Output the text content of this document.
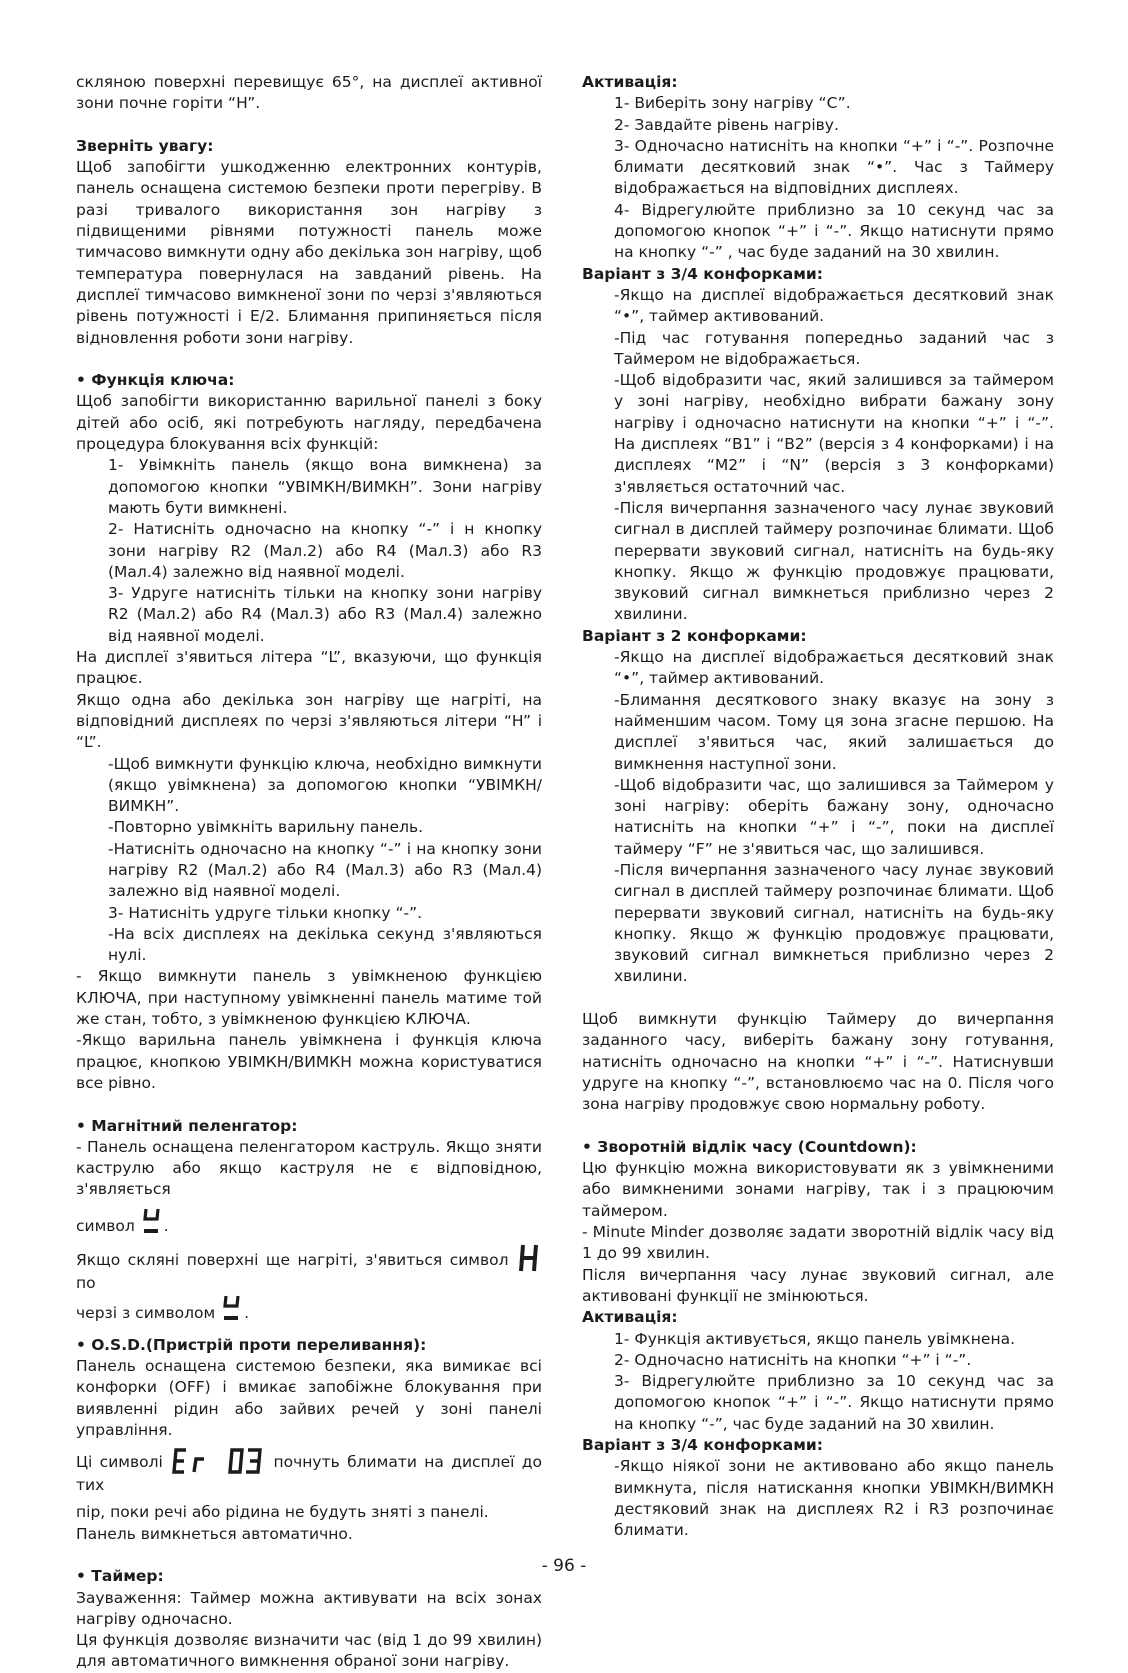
скляною поверхні перевищує 65°, на дисплеї активної зони почне горіти “H”.

Зверніть увагу:

Щоб запобігти ушкодженню електронних контурів, панель оснащена системою безпеки проти перегріву. В разі тривалого використання зон нагріву з підвищеними рівнями потужності панель може тимчасово вимкнути одну або декілька зон нагріву, щоб температура повернулася на завданий рівень. На дисплеї тимчасово вимкненої зони по черзі з'являються рівень потужності і E/2. Блимання припиняється після відновлення роботи зони нагріву.

• Функція ключа:

Щоб запобігти використанню варильної панелі з боку дітей або осіб, які потребують нагляду, передбачена процедура блокування всіх функцій:

1- Увімкніть панель (якщо вона вимкнена) за допомогою кнопки “УВІМКН/ВИМКН”. Зони нагріву мають бути вимкнені.

2- Натисніть одночасно на кнопку “-” і н кнопку зони нагріву R2 (Мал.2) або R4 (Мал.3) або R3 (Мал.4) залежно від наявної моделі.

3- Удруге натисніть тільки на кнопку зони нагріву R2 (Мал.2) або R4 (Мал.3) або R3 (Мал.4) залежно від наявної моделі.

На дисплеї з'явиться літера “L”, вказуючи, що функція працює.

Якщо одна або декілька зон нагріву ще нагріті, на відповідний дисплеях по черзі з'являються літери “H” і “L”.

-Щоб вимкнути функцію ключа, необхідно вимкнути (якщо увімкнена) за допомогою кнопки “УВІМКН/ ВИМКН”.

-Повторно увімкніть варильну панель.

-Натисніть одночасно на кнопку “-” і на кнопку зони нагріву R2 (Мал.2) або R4 (Мал.3) або R3 (Мал.4) залежно від наявної моделі.

3- Натисніть удруге тільки кнопку “-”.

-На всіх дисплеях на декілька секунд з'являються нулі.

- Якщо вимкнути панель з увімкненою функцією КЛЮЧА, при наступному увімкненні панель матиме той же стан, тобто, з увімкненою функцією КЛЮЧА.

-Якщо варильна панель увімкнена і функція ключа працює, кнопкою УВІМКН/ВИМКН можна користуватися все рівно.

• Магнітний пеленгатор:

- Панель оснащена пеленгатором каструль. Якщо зняти каструлю або якщо каструля не є відповідною, з'являється

символ .

Якщо скляні поверхні ще нагріті, з'явиться символ  по

черзі з символом .

• O.S.D.(Пристрій проти переливання):

Панель оснащена системою безпеки, яка вимикає всі конфорки (OFF) і вмикає запобіжне блокування при виявленні рідин або зайвих речей у зоні панелі управління.

Ці символі	почнуть блимати на дисплеї до тих

пір, поки речі або рідина не будуть зняті з панелі.

Панель вимкнеться автоматично.

• Таймер:

Зауваження: Таймер можна активувати на всіх зонах нагріву одночасно.

Ця функція дозволяє визначити час (від 1 до 99 хвилин) для автоматичного вимкнення обраної зони нагріву.

Активація:

1- Виберіть зону нагріву “C”.

2- Завдайте рівень нагріву.

3- Одночасно натисніть на кнопки “+” і “-”. Розпочне блимати десятковий знак “•”. Час з Таймеру відображається на відповідних дисплеях.

4- Відрегулюйте приблизно за 10 секунд час за допомогою кнопок “+” і “-”. Якщо натиснути прямо на кнопку “-” , час буде заданий на 30 хвилин.

Варіант з 3/4 конфорками:

-Якщо на дисплеї відображається десятковий знак “•”, таймер активований.

-Під час готування попередньо заданий час з Таймером не відображається.

-Щоб відобразити час, який залишився за таймером у зоні нагріву, необхідно вибрати бажану зону нагріву і одночасно натиснути на кнопки “+” і “-”. На дисплеях “B1” і “B2” (версія з 4 конфорками) і на дисплеях “M2” і “N” (версія з 3 конфорками) з'являється остаточний час.

-Після вичерпання зазначеного часу лунає звуковий сигнал в дисплей таймеру розпочинає блимати. Щоб перервати звуковий сигнал, натисніть на будь-яку кнопку. Якщо ж функцію продовжує працювати, звуковий сигнал вимкнеться приблизно через 2 хвилини.

Варіант з 2 конфорками:

-Якщо на дисплеї відображається десятковий знак “•”, таймер активований.

-Блимання десяткового знаку вказує на зону з найменшим часом. Тому ця зона згасне першою. На дисплеї з'явиться час, який залишається до вимкнення наступної зони.

-Щоб відобразити час, що залишився за Таймером у зоні нагріву: оберіть бажану зону, одночасно натисніть на кнопки “+” і “-”, поки на дисплеї таймеру “F” не з'явиться час, що залишився.

-Після вичерпання зазначеного часу лунає звуковий сигнал в дисплей таймеру розпочинає блимати. Щоб перервати звуковий сигнал, натисніть на будь-яку кнопку. Якщо ж функцію продовжує працювати, звуковий сигнал вимкнеться приблизно через 2 хвилини.

Щоб вимкнути функцію Таймеру до вичерпання заданного часу, виберіть бажану зону готування, натисніть одночасно на кнопки “+” і “-”. Натиснувши удруге на кнопку “-”, встановлюємо час на 0. Після чого зона нагріву продовжує свою нормальну роботу.

• Зворотній відлік часу (Countdown):

Цю функцію можна використовувати як з увімкненими або вимкненими зонами нагріву, так і з працюючим таймером.

- Minute Minder дозволяє задати зворотній відлік часу від 1 до 99 хвилин.

Після вичерпання часу лунає звуковий сигнал, але активовані функції не змінюються.

Активація:

1- Функція активується, якщо панель увімкнена.

2- Одночасно натисніть на кнопки “+” і “-”.

3- Відрегулюйте приблизно за 10 секунд час за допомогою кнопок “+” і “-”. Якщо натиснути прямо на кнопку “-”, час буде заданий на 30 хвилин.

Варіант з 3/4 конфорками:

-Якщо ніякої зони не активовано або якщо панель вимкнута, після натискання кнопки УВІМКН/ВИМКН дестяковий знак на дисплеях R2 і R3 розпочинає блимати.

- 96 -
